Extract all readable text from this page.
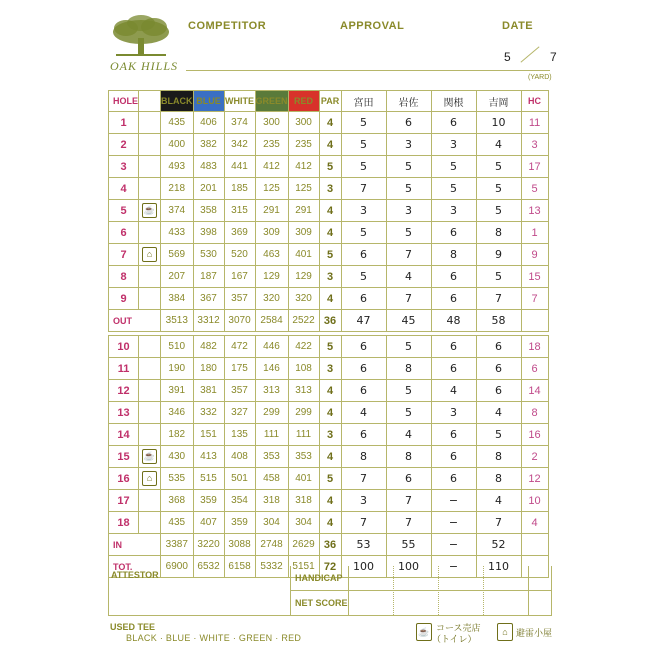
OAK HILLS
COMPETITOR	APPROVAL	DATE
5	7
(YARD)
HOLE		BLACK	BLUE	WHITE	GREEN	RED	PAR	宮田	岩佐	関根	吉岡	HC
1		435	406	374	300	300	4	5	6	6	10	11
2		400	382	342	235	235	4	5	3	3	4	3
3		493	483	441	412	412	5	5	5	5	5	17
4		218	201	185	125	125	3	7	5	5	5	5
5	☕	374	358	315	291	291	4	3	3	3	5	13
6		433	398	369	309	309	4	5	5	6	8	1
7	⌂	569	530	520	463	401	5	6	7	8	9	9
8		207	187	167	129	129	3	5	4	6	5	15
9		384	367	357	320	320	4	6	7	6	7	7
OUT		3513	3312	3070	2584	2522	36	47	45	48	58	

10		510	482	472	446	422	5	6	5	6	6	18
11		190	180	175	146	108	3	6	8	6	6	6
12		391	381	357	313	313	4	6	5	4	6	14
13		346	332	327	299	299	4	4	5	3	4	8
14		182	151	135	111	111	3	6	4	6	5	16
15	☕	430	413	408	353	353	4	8	8	6	8	2
16	⌂	535	515	501	458	401	5	7	6	6	8	12
17		368	359	354	318	318	4	3	7	−	4	10
18		435	407	359	304	304	4	7	7	−	7	4
IN		3387	3220	3088	2748	2629	36	53	55	−	52	
TOT.		6900	6532	6158	5332	5151	72	100	100	−	110	
ATTESTOR	HANDICAP
NET SCORE
USED TEE
BLACK · BLUE · WHITE · GREEN · RED
☕ コース売店
（トイレ）
⌂ 避雷小屋
